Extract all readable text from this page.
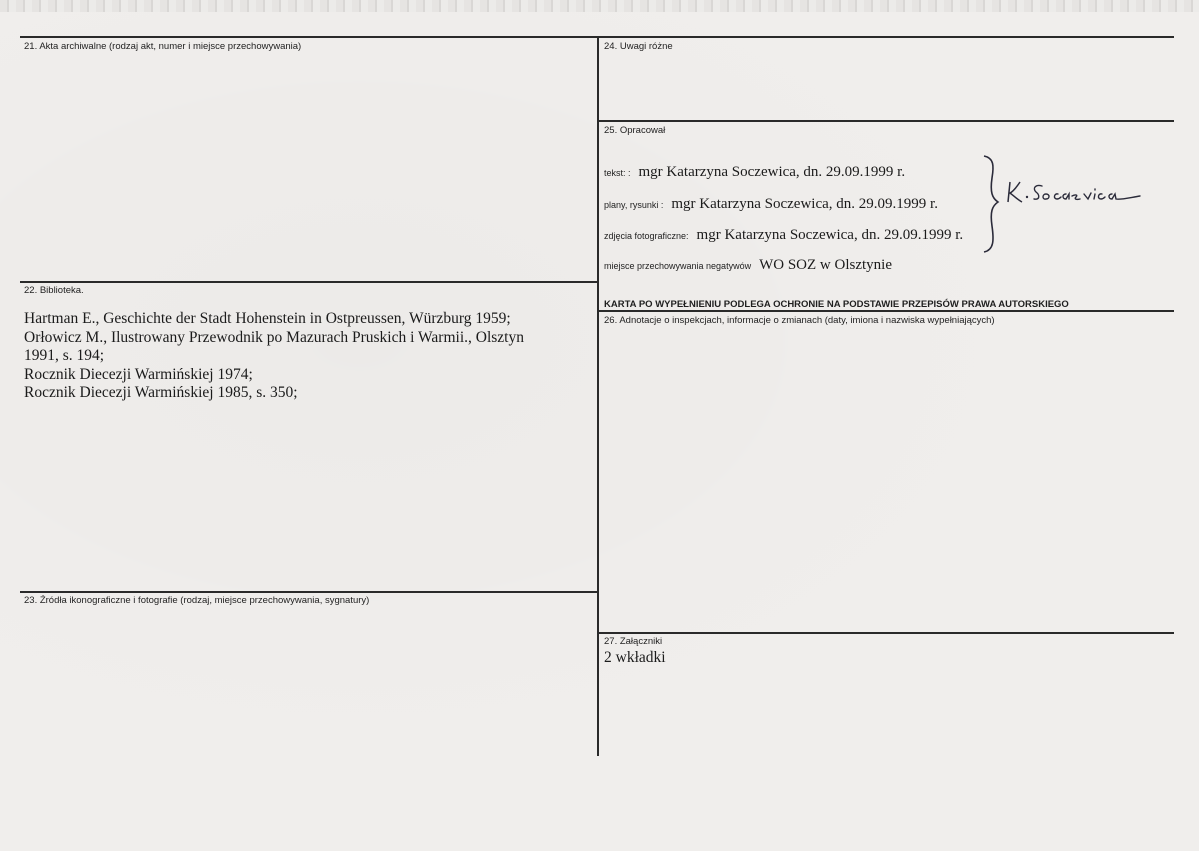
21. Akta archiwalne (rodzaj akt, numer i miejsce przechowywania)
22. Biblioteka.
Hartman E., Geschichte der Stadt Hohenstein in Ostpreussen, Würzburg 1959;
Orłowicz M., Ilustrowany Przewodnik po Mazurach Pruskich i Warmii., Olsztyn
1991, s. 194;
Rocznik Diecezji Warmińskiej 1974;
Rocznik Diecezji Warmińskiej 1985, s. 350;
23. Źródła ikonograficzne i fotografie (rodzaj, miejsce przechowywania, sygnatury)
24. Uwagi różne
25. Opracował
tekst: : mgr Katarzyna Soczewica, dn. 29.09.1999 r.
plany, rysunki : mgr Katarzyna Soczewica, dn. 29.09.1999 r.
zdjęcia fotograficzne: mgr Katarzyna Soczewica, dn. 29.09.1999 r.
miejsce przechowywania negatywów WO SOZ w Olsztynie
KARTA PO WYPEŁNIENIU PODLEGA OCHRONIE NA PODSTAWIE PRZEPISÓW PRAWA AUTORSKIEGO
26. Adnotacje o inspekcjach, informacje o zmianach (daty, imiona i nazwiska wypełniających)
27. Załączniki
2 wkładki
